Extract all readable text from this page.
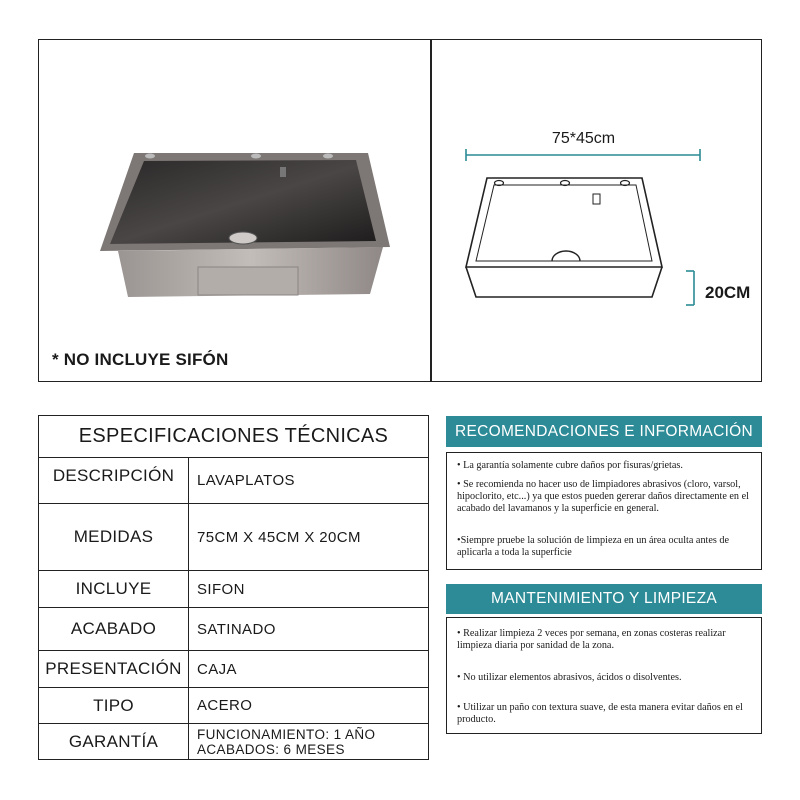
* NO INCLUYE SIFÓN
75*45cm
20CM
ESPECIFICACIONES TÉCNICAS	
DESCRIPCIÓN	LAVAPLATOS
MEDIDAS	75CM X 45CM X 20CM
INCLUYE	SIFON
ACABADO	SATINADO
PRESENTACIÓN	CAJA
TIPO	ACERO
GARANTÍA	FUNCIONAMIENTO: 1 AÑO
ACABADOS: 6 MESES
RECOMENDACIONES E INFORMACIÓN

• La garantía solamente cubre daños por fisuras/grietas.

• Se recomienda no hacer uso de limpiadores abrasivos (cloro, varsol, hipoclorito, etc...) ya que estos pueden gererar daños directamente en el acabado del lavamanos y la superficie en general.

•Siempre pruebe la solución de limpieza en un área oculta antes de aplicarla a toda la superficie

MANTENIMIENTO Y LIMPIEZA

• Realizar limpieza 2 veces por semana, en zonas costeras realizar limpieza diaria por sanidad de la zona.

• No utilizar elementos abrasivos, ácidos o disolventes.

• Utilizar un paño con textura suave, de esta manera evitar daños en el producto.
